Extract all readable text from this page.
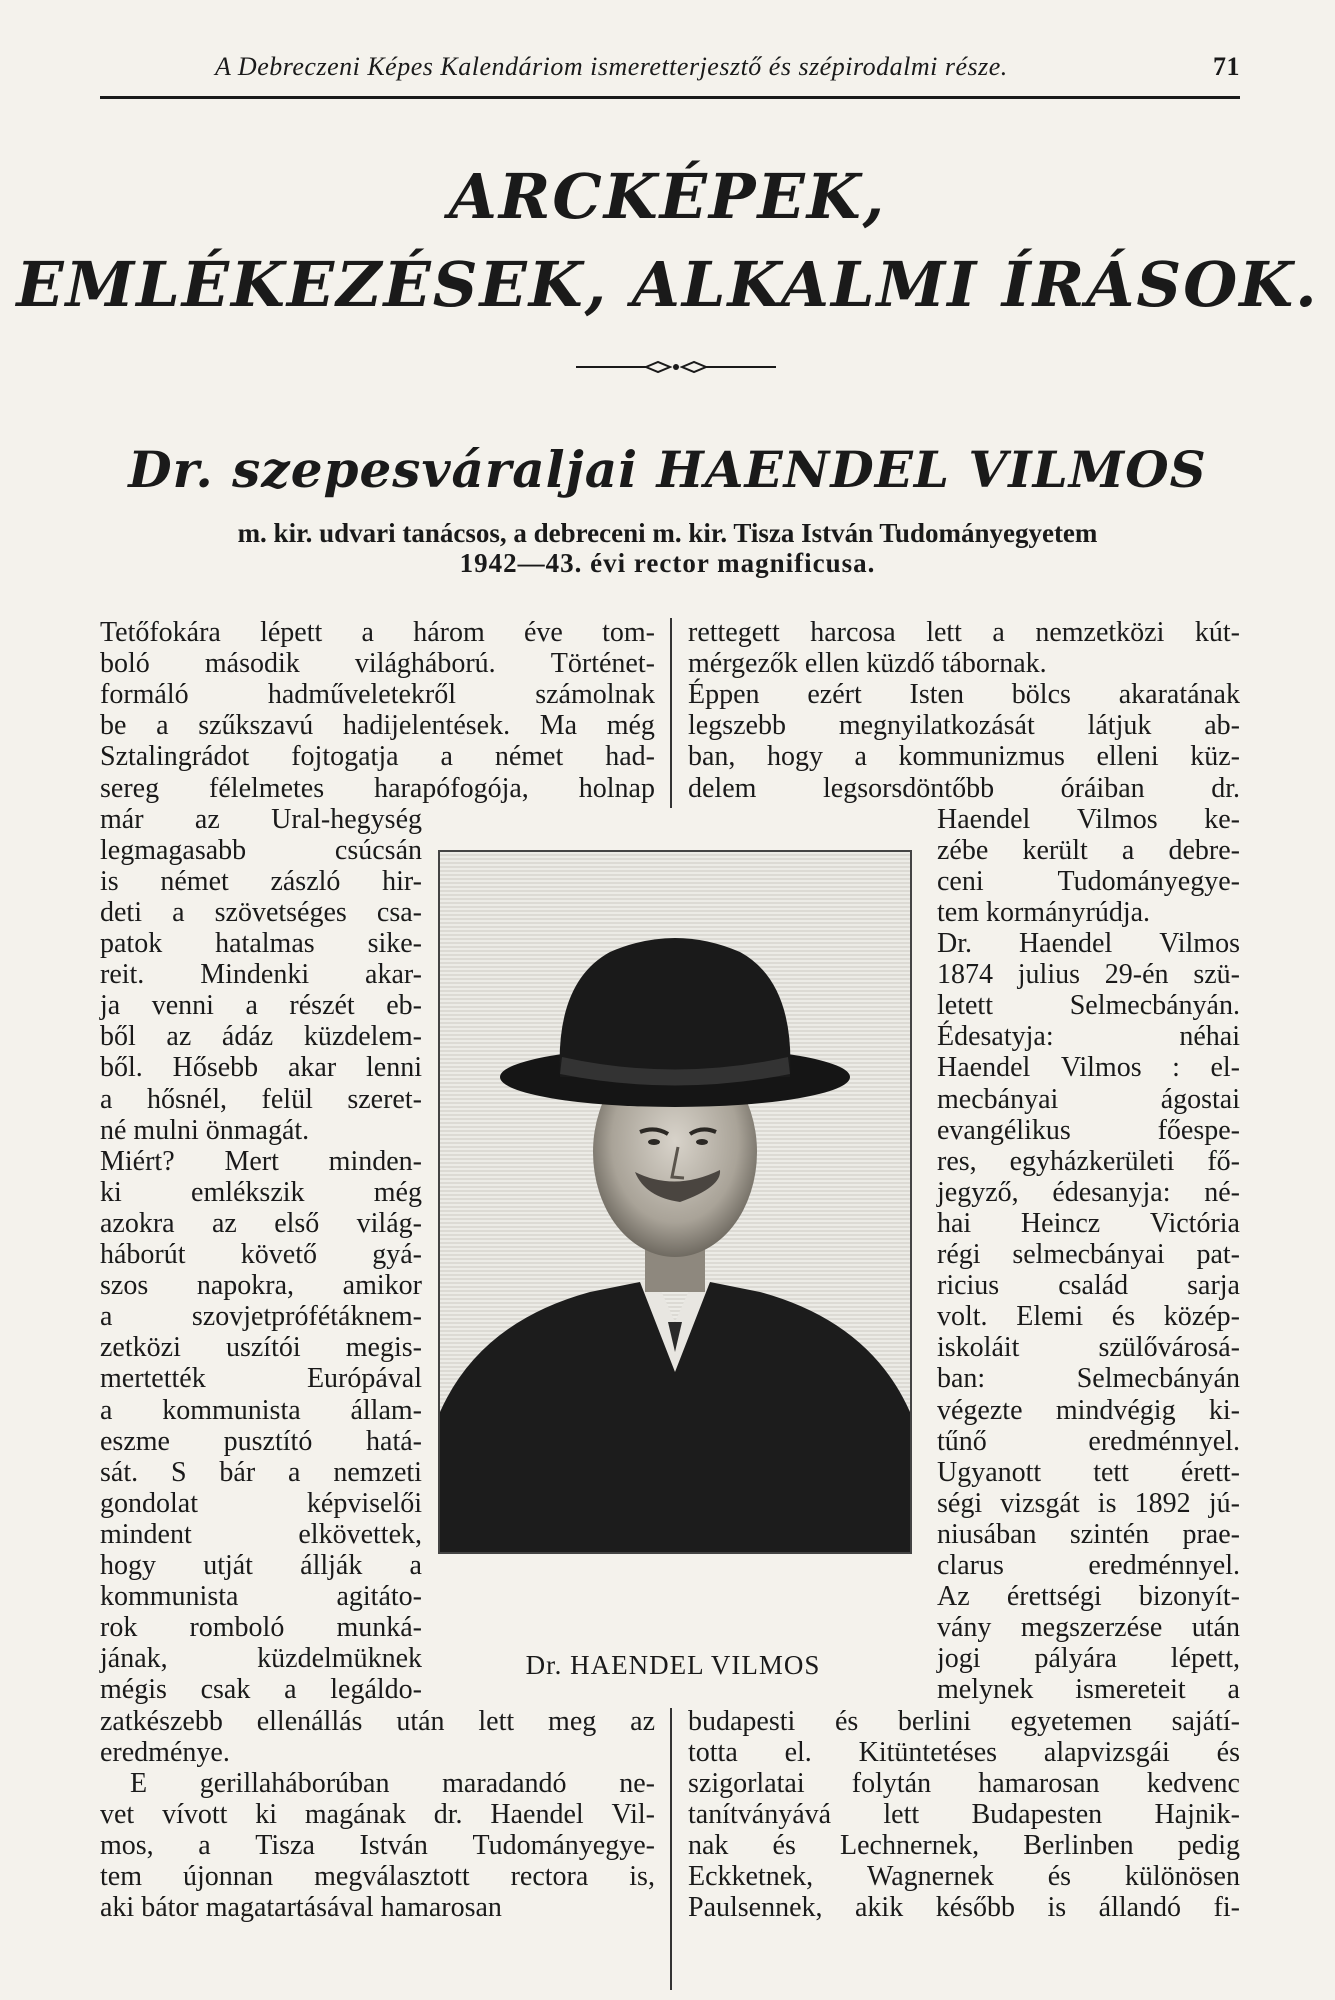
A Debreczeni Képes Kalendáriom ismeretterjesztő és szépirodalmi része.	71
ARCKÉPEK,
EMLÉKEZÉSEK, ALKALMI ÍRÁSOK.
Dr. szepesváraljai HAENDEL VILMOS
m. kir. udvari tanácsos, a debreceni m. kir. Tisza István Tudományegyetem
1942—43. évi rector magnificusa.
Tetőfokára lépett a három éve tom-
boló második világháború. Történet-
formáló	hadműveletekről	számolnak
be a szűkszavú hadijelentések. Ma még
Sztalingrádot fojtogatja a német had-
sereg félelmetes harapófogója, holnap
már az Ural-hegység
legmagasabb	csúcsán
is német zászló hir-
deti a szövetséges csa-
patok hatalmas sike-
reit. Mindenki akar-
ja venni a részét eb-
ből az ádáz küzdelem-
ből. Hősebb akar lenni
a hősnél, felül szeret-
né mulni önmagát.
Miért? Mert minden-
ki emlékszik még
azokra az első világ-
háborút követő gyá-
szos napokra, amikor
a	szovjetprófétáknem-
zetközi uszítói megis-
mertették	Európával
a kommunista állam-
eszme pusztító hatá-
sát. S bár a nemzeti
gondolat	képviselői
mindent	elkövettek,
hogy utját állják a
kommunista	agitáto-
rok romboló munká-
jának,	küzdelmüknek
mégis csak a legáldo-
zatkészebb ellenállás után lett meg az
eredménye.
E gerillaháborúban maradandó ne-
vet vívott ki magának dr. Haendel Vil-
mos, a Tisza István Tudományegye-
tem újonnan megválasztott rectora is,
aki bátor magatartásával hamarosan
rettegett harcosa lett a nemzetközi kút-
mérgezők ellen küzdő tábornak.
Éppen ezért Isten bölcs akaratának
legszebb megnyilatkozását látjuk ab-
ban, hogy a kommunizmus elleni küz-
delem legsorsdöntőbb óráiban dr.
Haendel Vilmos ke-
zébe került a debre-
ceni	Tudományegye-
tem kormányrúdja.
Dr. Haendel Vilmos
1874 julius 29-én szü-
letett	Selmecbányán.
Édesatyja:	néhai
Haendel Vilmos : el-
mecbányai	ágostai
evangélikus	főespe-
res, egyházkerületi fő-
jegyző, édesanyja: né-
hai Heincz Victória
régi selmecbányai pat-
ricius család sarja
volt. Elemi és közép-
iskoláit	szülővárosá-
ban:	Selmecbányán
végezte mindvégig ki-
tűnő	eredménnyel.
Ugyanott tett érett-
ségi vizsgát is 1892 jú-
niusában szintén prae-
clarus	eredménnyel.
Az érettségi bizonyít-
vány megszerzése után
jogi pályára lépett,
melynek ismereteit a
budapesti és berlini egyetemen sajátí-
totta el. Kitüntetéses alapvizsgái és
szigorlatai folytán hamarosan kedvenc
tanítványává lett Budapesten Hajnik-
nak és Lechnernek, Berlinben pedig
Eckketnek, Wagnernek és különösen
Paulsennek, akik később is állandó fi-
Dr. HAENDEL VILMOS
